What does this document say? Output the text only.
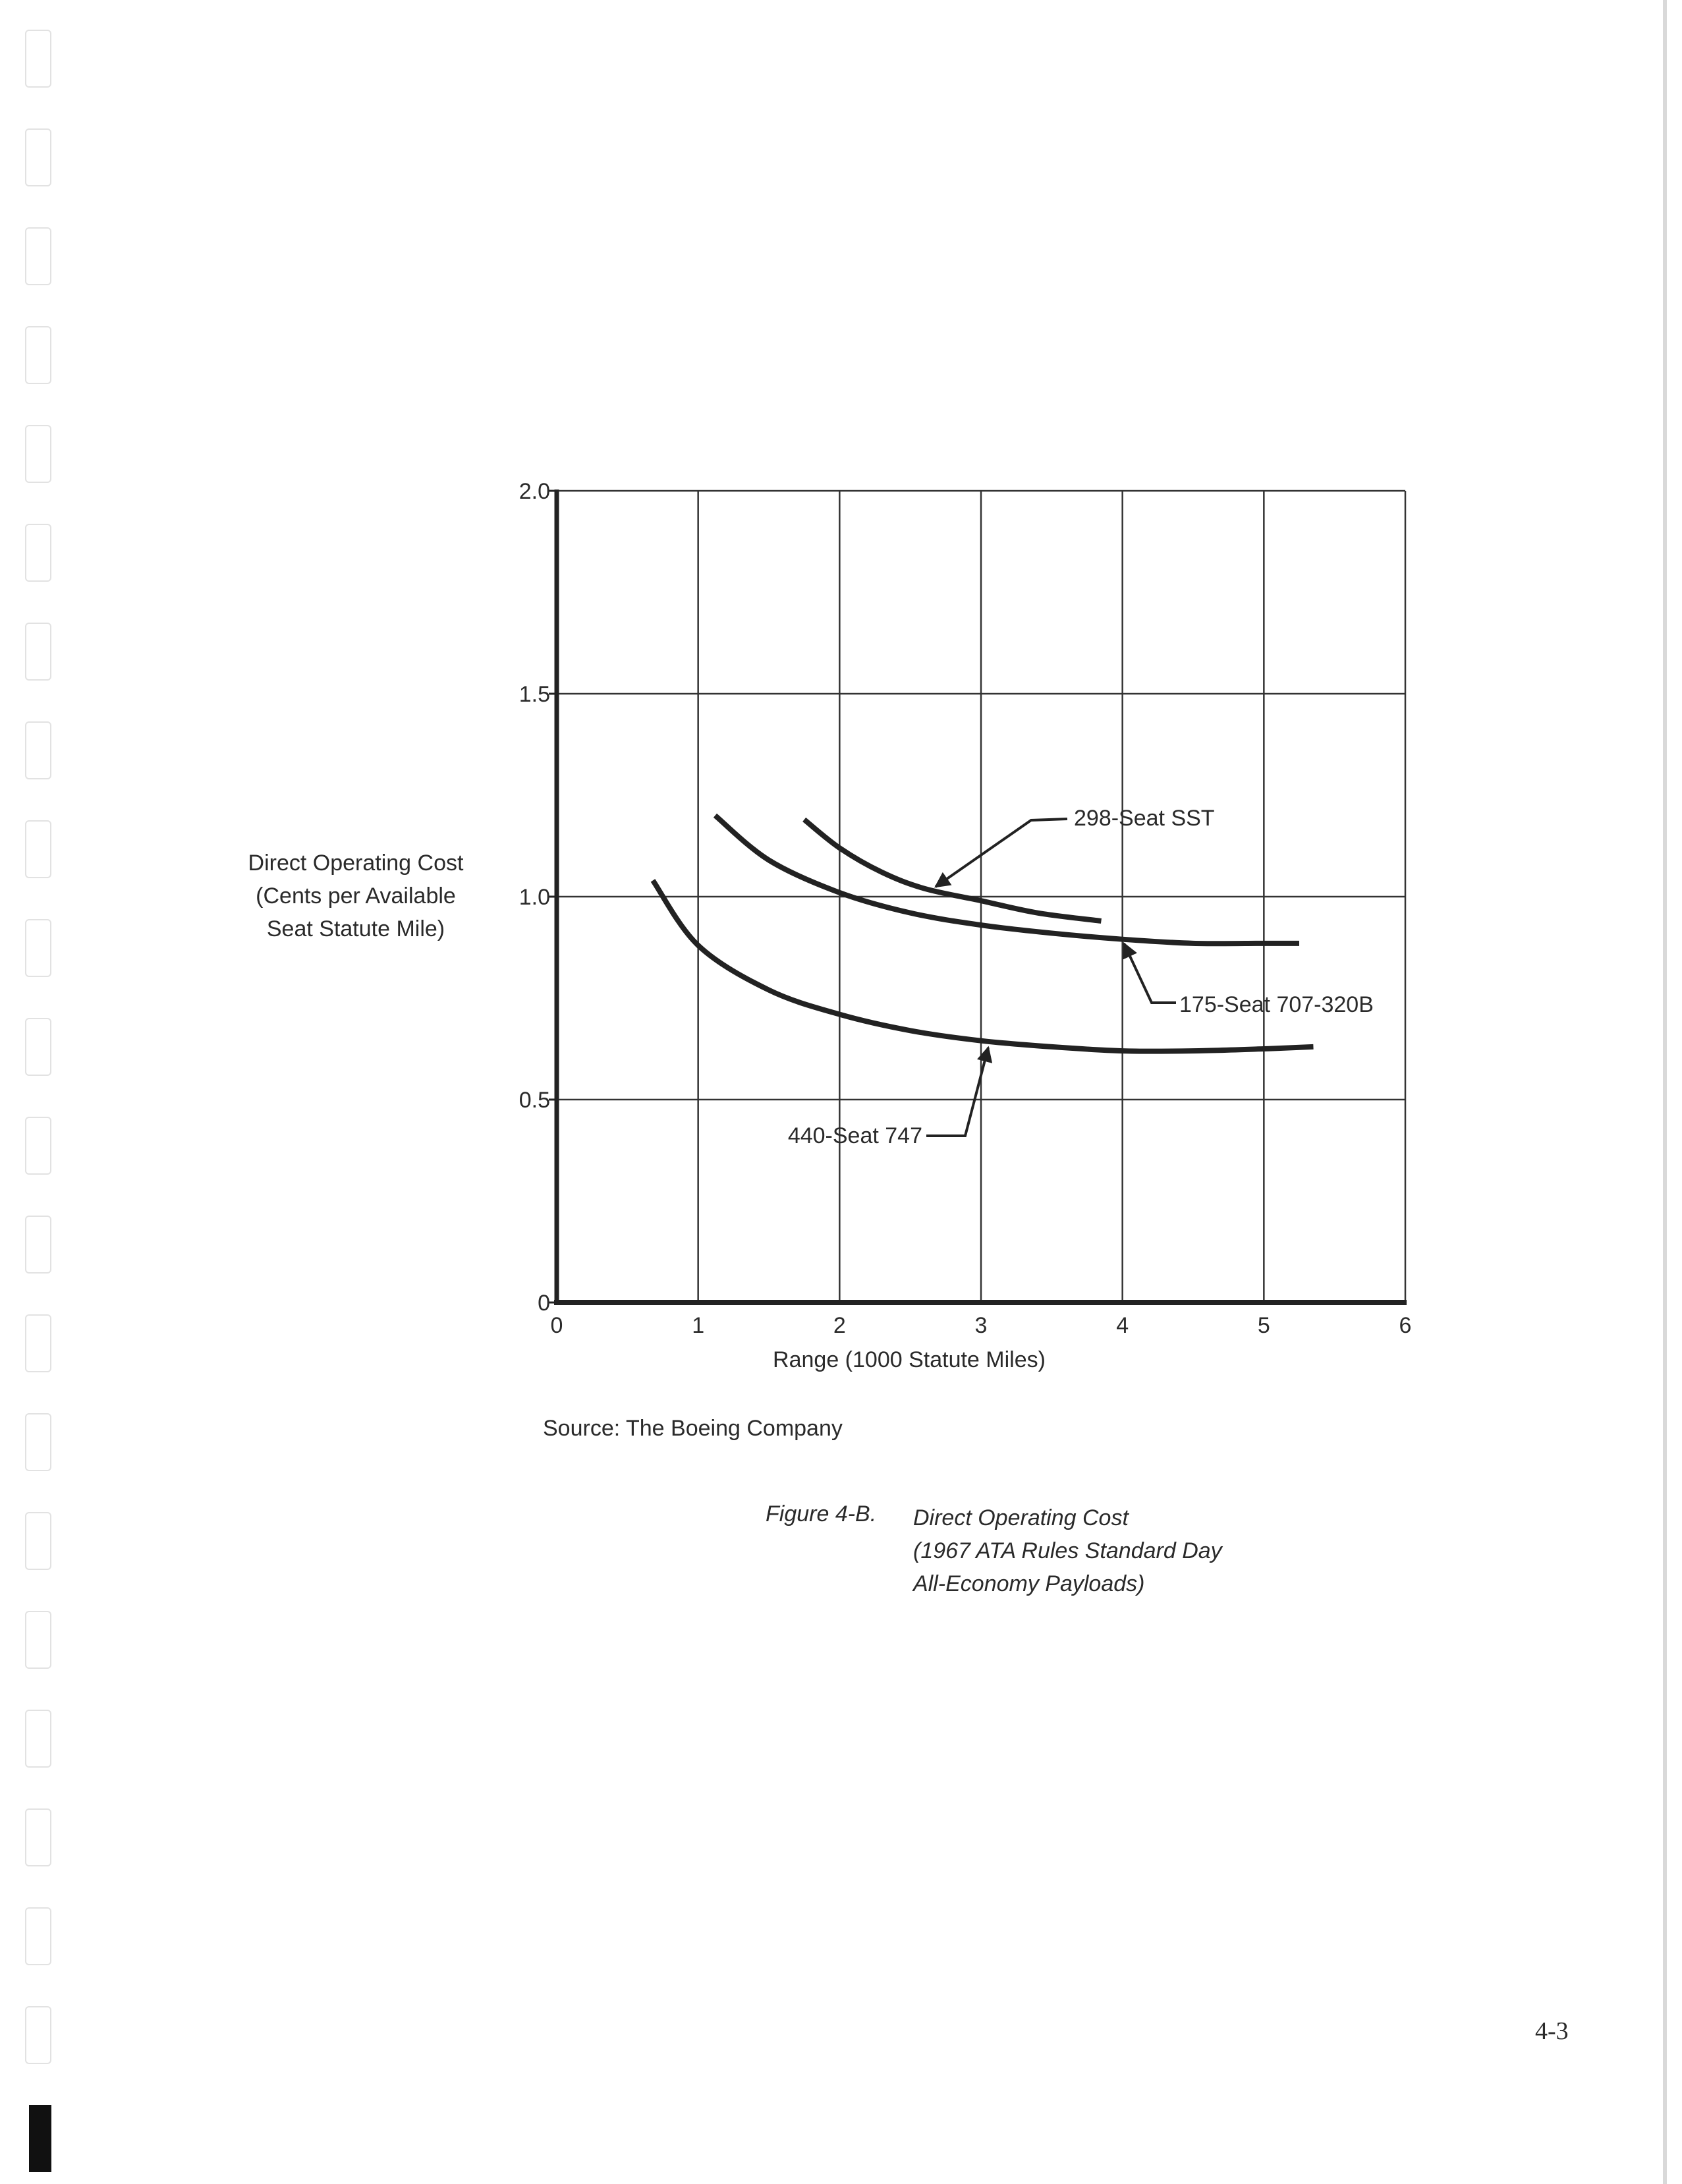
0
0.5
1.0
1.5
2.0
0	1	2	3	4	5	6
298-Seat SST
175-Seat 707-320B
440-Seat 747
Direct Operating Cost
(Cents per Available
Seat Statute Mile)
Range (1000 Statute Miles)
Source: The Boeing Company
Figure 4-B. Direct Operating Cost
(1967 ATA Rules Standard Day
All-Economy Payloads)
4-3
